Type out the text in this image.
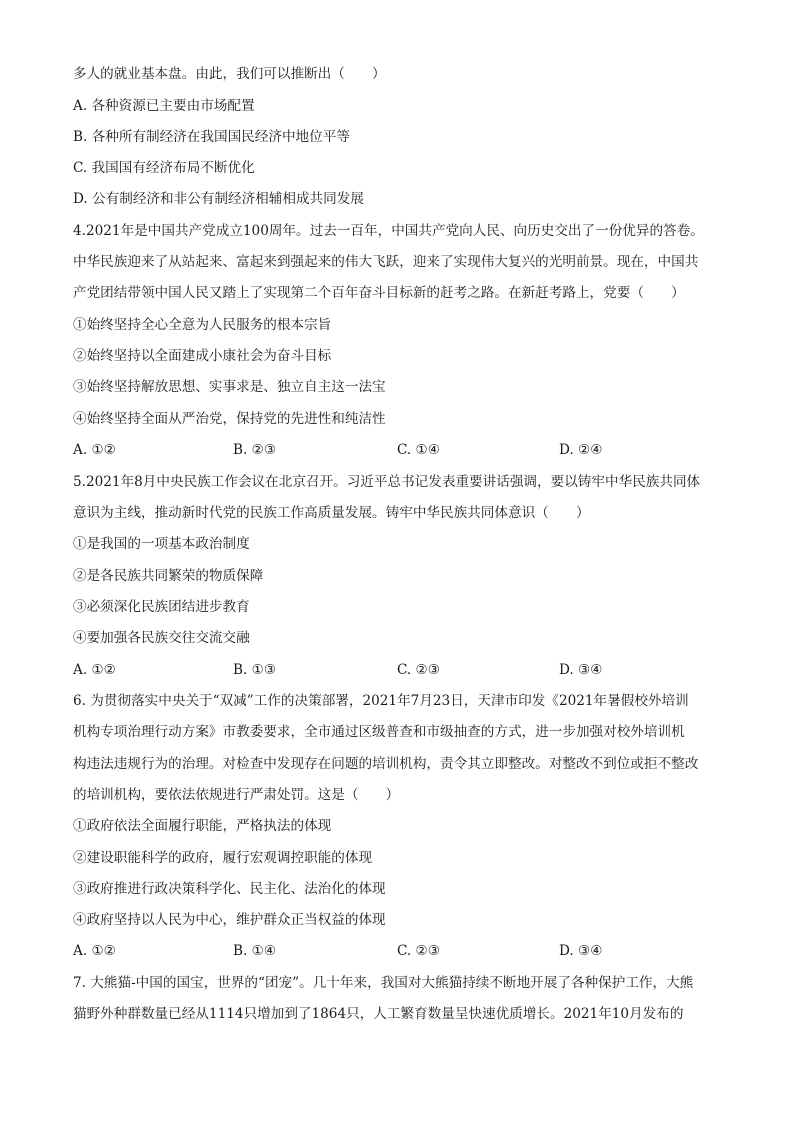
多人的就业基本盘。由此，我们可以推断出（　　）
A. 各种资源已主要由市场配置
B. 各种所有制经济在我国国民经济中地位平等
C. 我国国有经济布局不断优化
D. 公有制经济和非公有制经济相辅相成共同发展
4.2021年是中国共产党成立100周年。过去一百年，中国共产党向人民、向历史交出了一份优异的答卷。
中华民族迎来了从站起来、富起来到强起来的伟大飞跃，迎来了实现伟大复兴的光明前景。现在，中国共
产党团结带领中国人民又踏上了实现第二个百年奋斗目标新的赶考之路。在新赶考路上，党要（　　）
①始终坚持全心全意为人民服务的根本宗旨
②始终坚持以全面建成小康社会为奋斗目标
③始终坚持解放思想、实事求是、独立自主这一法宝
④始终坚持全面从严治党，保持党的先进性和纯洁性
A. ①②	B. ②③	C. ①④	D. ②④
5.2021年8月中央民族工作会议在北京召开。习近平总书记发表重要讲话强调，要以铸牢中华民族共同体
意识为主线，推动新时代党的民族工作高质量发展。铸牢中华民族共同体意识（　　）
①是我国的一项基本政治制度
②是各民族共同繁荣的物质保障
③必须深化民族团结进步教育
④要加强各民族交往交流交融
A. ①②	B. ①③	C. ②③	D. ③④
6. 为贯彻落实中央关于“双减”工作的决策部署，2021年7月23日，天津市印发《2021年暑假校外培训
机构专项治理行动方案》市教委要求，全市通过区级普查和市级抽查的方式，进一步加强对校外培训机
构违法违规行为的治理。对检查中发现存在问题的培训机构，责令其立即整改。对整改不到位或拒不整改
的培训机构，要依法依规进行严肃处罚。这是（　　）
①政府依法全面履行职能，严格执法的体现
②建设职能科学的政府，履行宏观调控职能的体现
③政府推进行政决策科学化、民主化、法治化的体现
④政府坚持以人民为中心，维护群众正当权益的体现
A. ①②	B. ①④	C. ②③	D. ③④
7. 大熊猫-中国的国宝，世界的“团宠”。几十年来，我国对大熊猫持续不断地开展了各种保护工作，大熊
猫野外种群数量已经从1114只增加到了1864只，人工繁育数量呈快速优质增长。2021年10月发布的
